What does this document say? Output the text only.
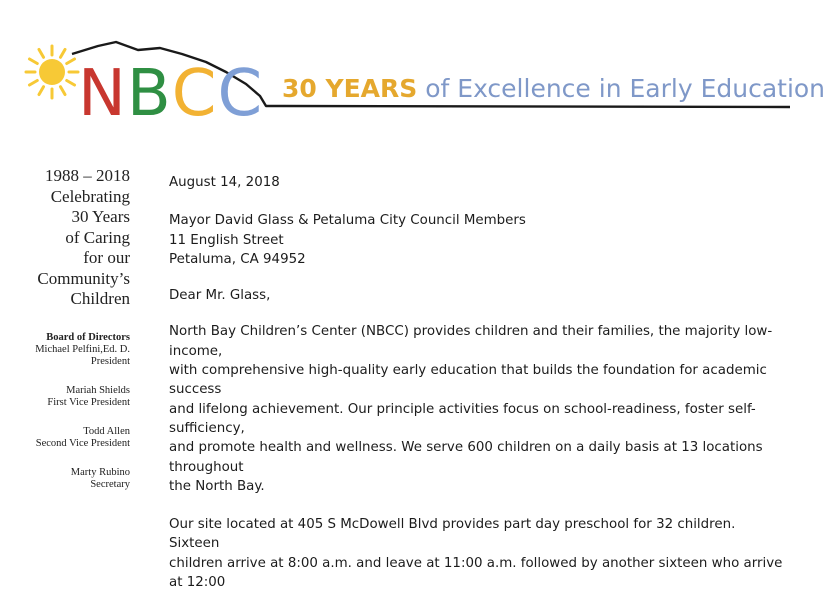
NBCC 30 YEARS of Excellence in Early Education
1988 – 2018
Celebrating
30 Years
of Caring
for our
Community’s
Children
Board of Directors
Michael Pelfini,Ed. D.
President
Mariah Shields
First Vice President
Todd Allen
Second Vice President
Marty Rubino
Secretary

August 14, 2018

Mayor David Glass & Petaluma City Council Members

11 English Street

Petaluma, CA 94952

Dear Mr. Glass,

North Bay Children’s Center (NBCC) provides children and their families, the majority low-income,

with comprehensive high-quality early education that builds the foundation for academic success

and lifelong achievement. Our principle activities focus on school-readiness, foster self-sufficiency,

and promote health and wellness. We serve 600 children on a daily basis at 13 locations throughout

the North Bay.

Our site located at 405 S McDowell Blvd provides part day preschool for 32 children. Sixteen

children arrive at 8:00 a.m. and leave at 11:00 a.m. followed by another sixteen who arrive at 12:00
